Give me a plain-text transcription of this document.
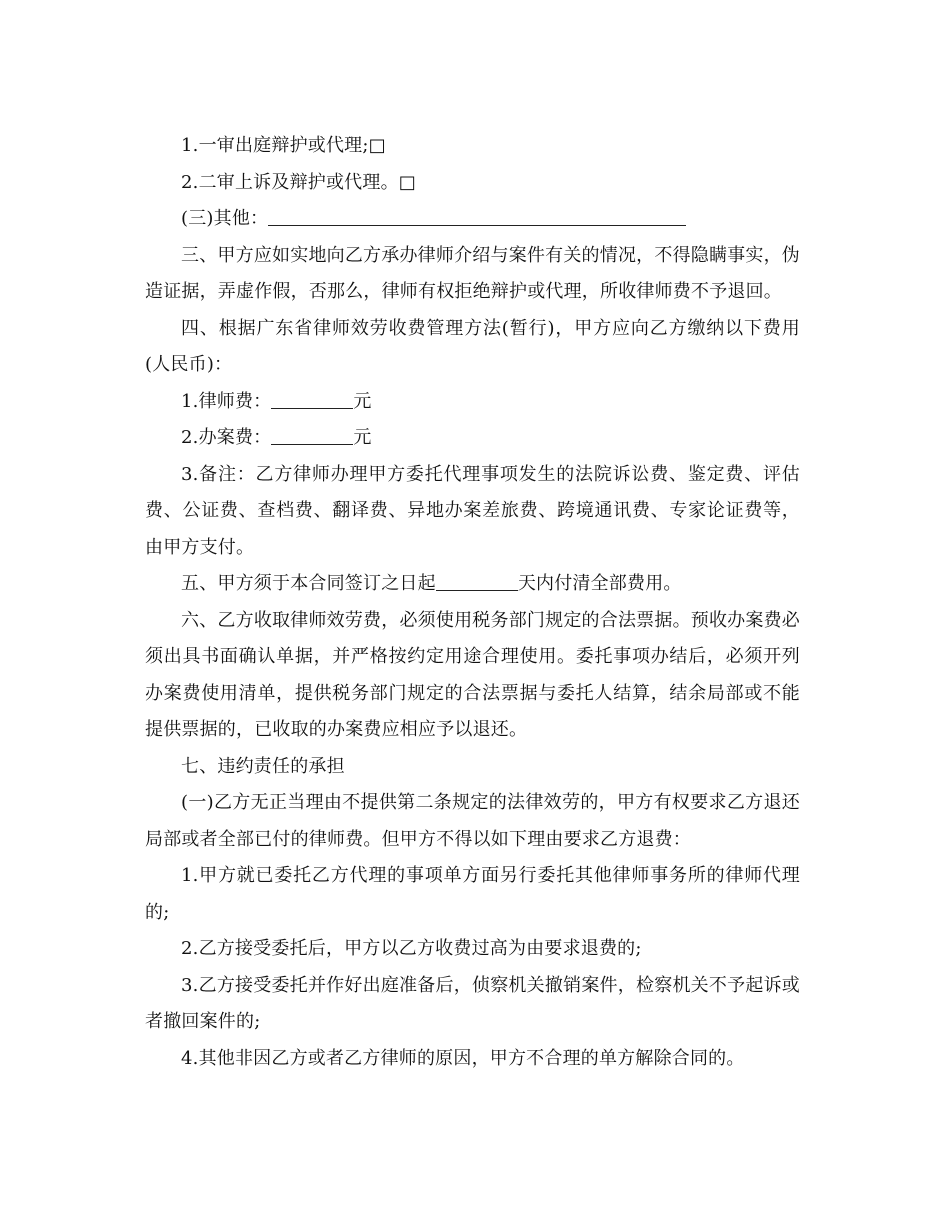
1.一审出庭辩护或代理;□

2.二审上诉及辩护或代理。□

(三)其他：

三、甲方应如实地向乙方承办律师介绍与案件有关的情况，不得隐瞒事实，伪造证据，弄虚作假，否那么，律师有权拒绝辩护或代理，所收律师费不予退回。

四、根据广东省律师效劳收费管理方法(暂行)，甲方应向乙方缴纳以下费用(人民币)：

1.律师费：	元

2.办案费：	元

3.备注：乙方律师办理甲方委托代理事项发生的法院诉讼费、鉴定费、评估费、公证费、查档费、翻译费、异地办案差旅费、跨境通讯费、专家论证费等，由甲方支付。

五、甲方须于本合同签订之日起	天内付清全部费用。

六、乙方收取律师效劳费，必须使用税务部门规定的合法票据。预收办案费必须出具书面确认单据，并严格按约定用途合理使用。委托事项办结后，必须开列办案费使用清单，提供税务部门规定的合法票据与委托人结算，结余局部或不能提供票据的，已收取的办案费应相应予以退还。

七、违约责任的承担

(一)乙方无正当理由不提供第二条规定的法律效劳的，甲方有权要求乙方退还局部或者全部已付的律师费。但甲方不得以如下理由要求乙方退费：

1.甲方就已委托乙方代理的事项单方面另行委托其他律师事务所的律师代理的;

2.乙方接受委托后，甲方以乙方收费过高为由要求退费的;

3.乙方接受委托并作好出庭准备后，侦察机关撤销案件，检察机关不予起诉或者撤回案件的;

4.其他非因乙方或者乙方律师的原因，甲方不合理的单方解除合同的。
